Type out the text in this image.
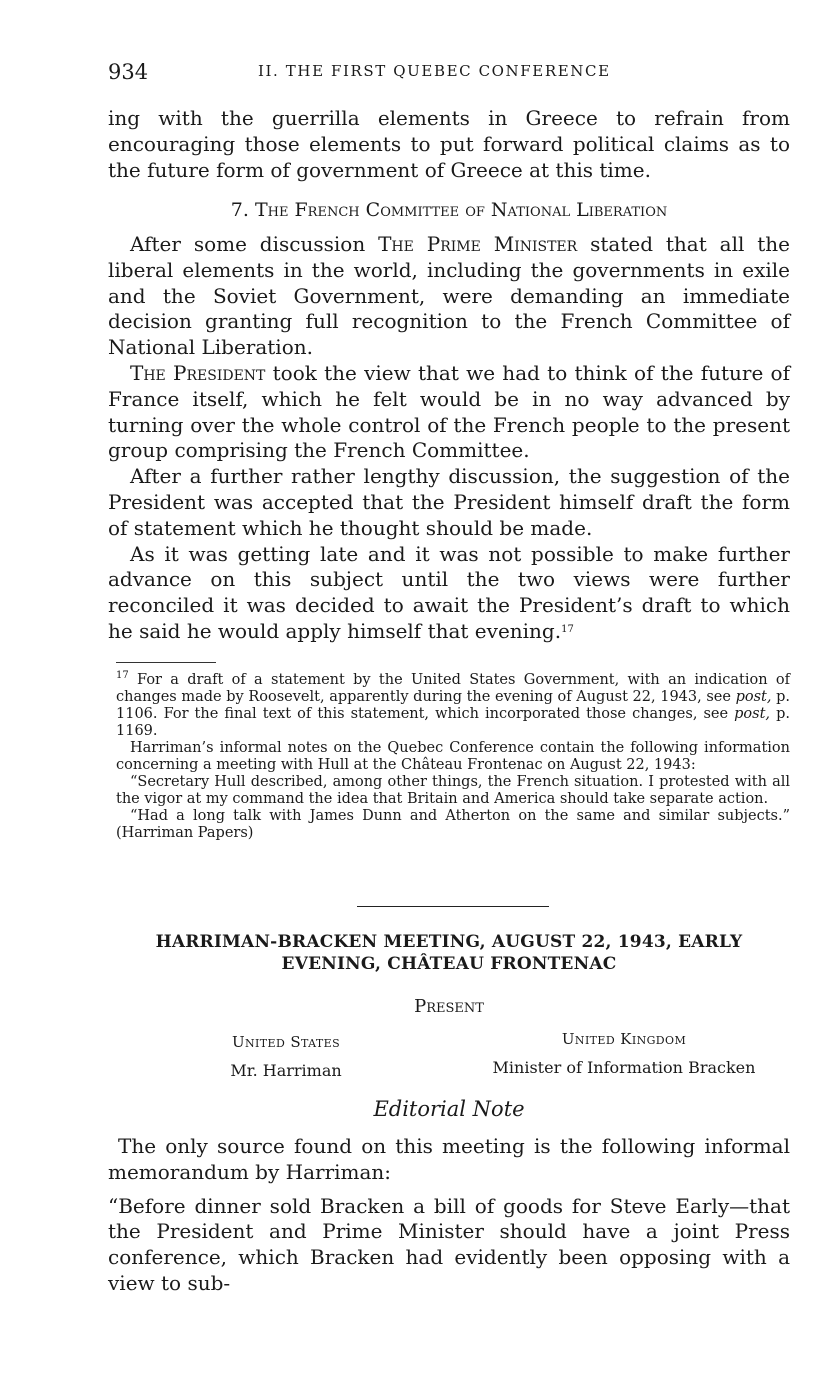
934	II. THE FIRST QUEBEC CONFERENCE

ing with the guerrilla elements in Greece to refrain from encouraging those elements to put forward political claims as to the future form of government of Greece at this time.

7. The French Committee of National Liberation

After some discussion The Prime Minister stated that all the liberal elements in the world, including the governments in exile and the Soviet Government, were demanding an immediate decision granting full recognition to the French Committee of National Liberation.

The President took the view that we had to think of the future of France itself, which he felt would be in no way advanced by turning over the whole control of the French people to the present group comprising the French Committee.

After a further rather lengthy discussion, the suggestion of the President was accepted that the President himself draft the form of statement which he thought should be made.

As it was getting late and it was not possible to make further advance on this subject until the two views were further reconciled it was decided to await the President’s draft to which he said he would apply himself that evening.$^{17}$

$^{17}$ For a draft of a statement by the United States Government, with an indication of changes made by Roosevelt, apparently during the evening of August 22, 1943, see post, p. 1106. For the final text of this statement, which incorporated those changes, see post, p. 1169.

Harriman’s informal notes on the Quebec Conference contain the following information concerning a meeting with Hull at the Château Frontenac on August 22, 1943:

“Secretary Hull described, among other things, the French situation. I protested with all the vigor at my command the idea that Britain and America should take separate action.

“Had a long talk with James Dunn and Atherton on the same and similar subjects.” (Harriman Papers)

HARRIMAN-BRACKEN MEETING, AUGUST 22, 1943, EARLY EVENING, CHÂTEAU FRONTENAC
Present
United States
Mr. Harriman
United Kingdom
Minister of Information Bracken
Editorial Note

The only source found on this meeting is the following informal memorandum by Harriman:

“Before dinner sold Bracken a bill of goods for Steve Early—that the President and Prime Minister should have a joint Press conference, which Bracken had evidently been opposing with a view to sub-
